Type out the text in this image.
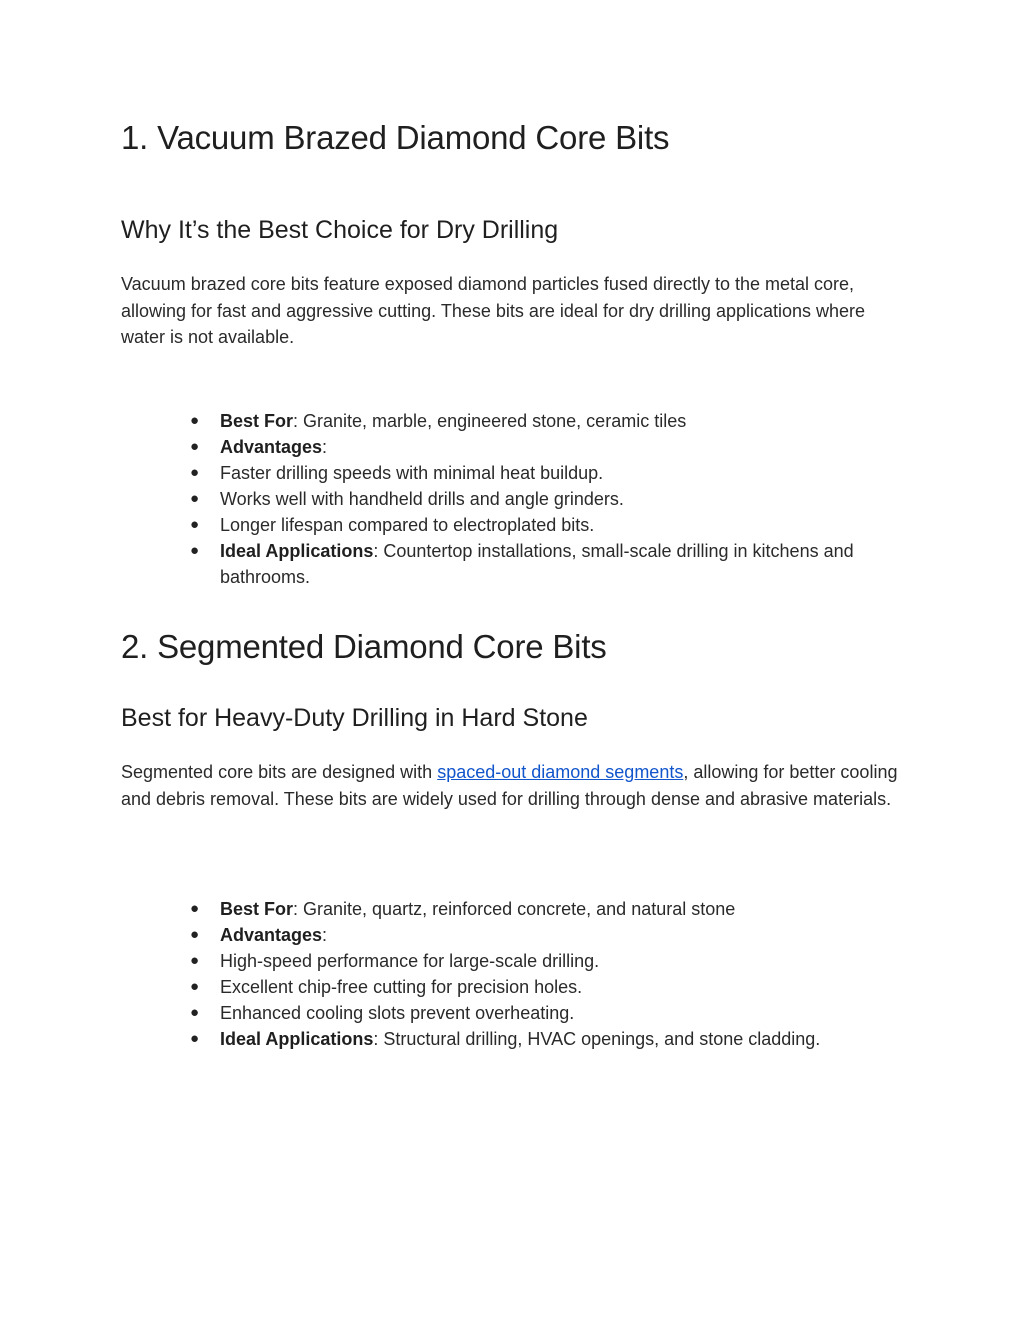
1. Vacuum Brazed Diamond Core Bits
Why It’s the Best Choice for Dry Drilling

Vacuum brazed core bits feature exposed diamond particles fused directly to the metal core, allowing for fast and aggressive cutting. These bits are ideal for dry drilling applications where water is not available.

● Best For: Granite, marble, engineered stone, ceramic tiles
● Advantages:
● Faster drilling speeds with minimal heat buildup.
● Works well with handheld drills and angle grinders.
● Longer lifespan compared to electroplated bits.
● Ideal Applications: Countertop installations, small-scale drilling in kitchens and bathrooms.
2. Segmented Diamond Core Bits
Best for Heavy-Duty Drilling in Hard Stone

Segmented core bits are designed with spaced-out diamond segments, allowing for better cooling and debris removal. These bits are widely used for drilling through dense and abrasive materials.

● Best For: Granite, quartz, reinforced concrete, and natural stone
● Advantages:
● High-speed performance for large-scale drilling.
● Excellent chip-free cutting for precision holes.
● Enhanced cooling slots prevent overheating.
● Ideal Applications: Structural drilling, HVAC openings, and stone cladding.
